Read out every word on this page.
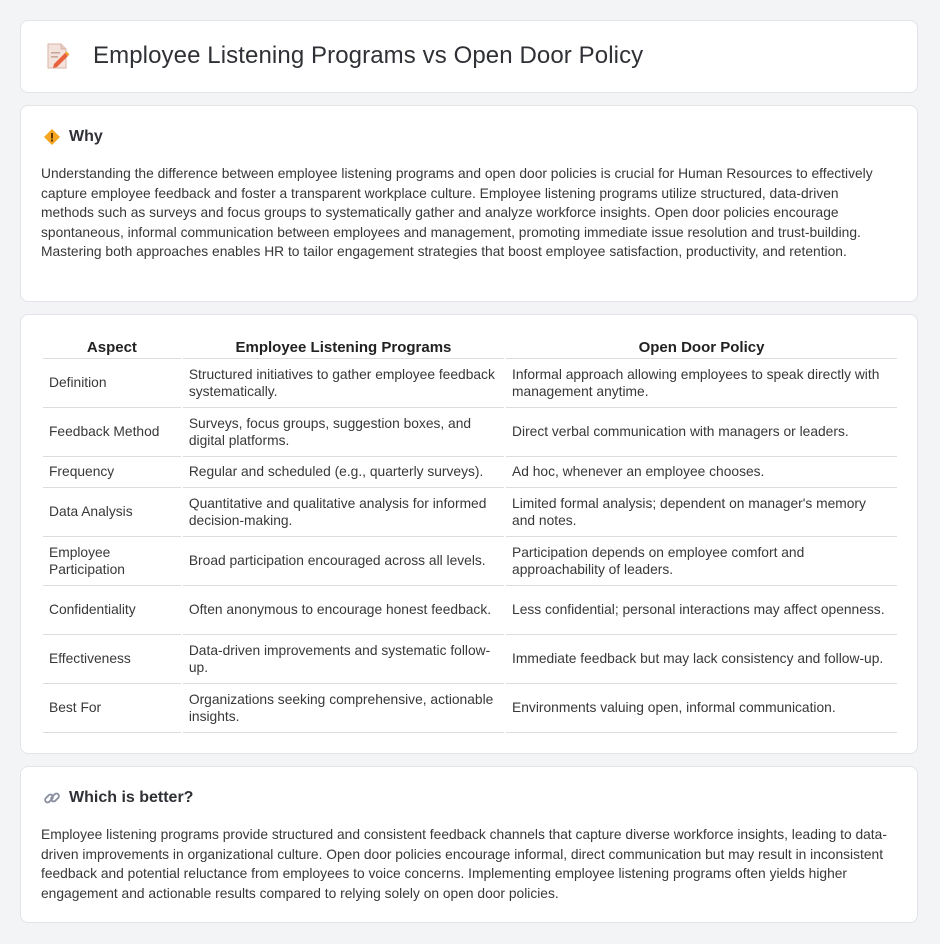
Employee Listening Programs vs Open Door Policy
Why
Understanding the difference between employee listening programs and open door policies is crucial for Human Resources to effectively capture employee feedback and foster a transparent workplace culture. Employee listening programs utilize structured, data-driven methods such as surveys and focus groups to systematically gather and analyze workforce insights. Open door policies encourage spontaneous, informal communication between employees and management, promoting immediate issue resolution and trust-building. Mastering both approaches enables HR to tailor engagement strategies that boost employee satisfaction, productivity, and retention.
Aspect	Employee Listening Programs	Open Door Policy
Definition	Structured initiatives to gather employee feedback systematically.	Informal approach allowing employees to speak directly with management anytime.
Feedback Method	Surveys, focus groups, suggestion boxes, and digital platforms.	Direct verbal communication with managers or leaders.
Frequency	Regular and scheduled (e.g., quarterly surveys).	Ad hoc, whenever an employee chooses.
Data Analysis	Quantitative and qualitative analysis for informed decision-making.	Limited formal analysis; dependent on manager's memory and notes.
Employee Participation	Broad participation encouraged across all levels.	Participation depends on employee comfort and approachability of leaders.
Confidentiality	Often anonymous to encourage honest feedback.	Less confidential; personal interactions may affect openness.
Effectiveness	Data-driven improvements and systematic follow-up.	Immediate feedback but may lack consistency and follow-up.
Best For	Organizations seeking comprehensive, actionable insights.	Environments valuing open, informal communication.
Which is better?
Employee listening programs provide structured and consistent feedback channels that capture diverse workforce insights, leading to data-driven improvements in organizational culture. Open door policies encourage informal, direct communication but may result in inconsistent feedback and potential reluctance from employees to voice concerns. Implementing employee listening programs often yields higher engagement and actionable results compared to relying solely on open door policies.
